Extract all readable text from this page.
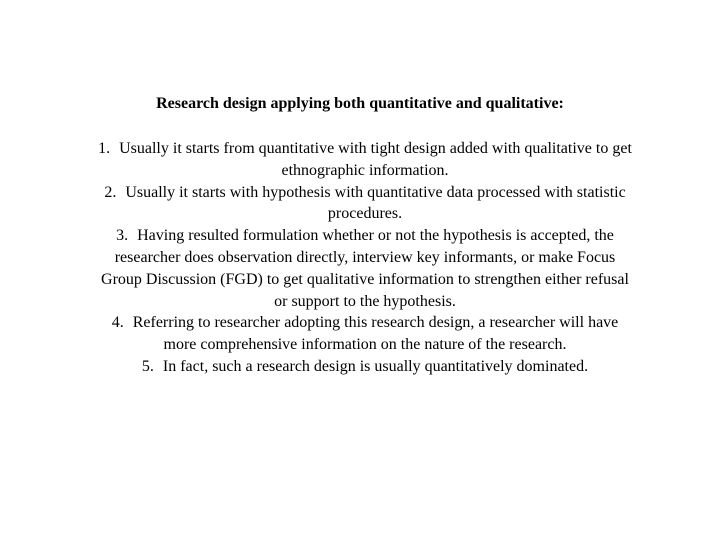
Research design applying both quantitative and qualitative:

1. Usually it starts from quantitative with tight design added with qualitative to get ethnographic information.
2. Usually it starts with hypothesis with quantitative data processed with statistic procedures.
3. Having resulted formulation whether or not the hypothesis is accepted, the researcher does observation directly, interview key informants, or make Focus Group Discussion (FGD) to get qualitative information to strengthen either refusal or support to the hypothesis.
4. Referring to researcher adopting this research design, a researcher will have more comprehensive information on the nature of the research.
5. In fact, such a research design is usually quantitatively dominated.
